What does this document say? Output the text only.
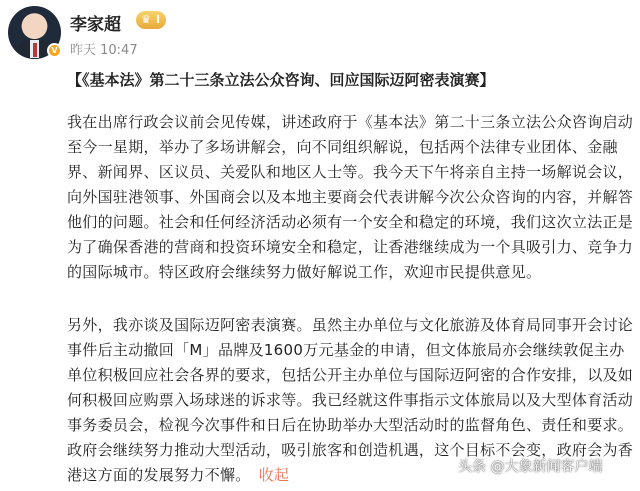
V
李家超 ♛ I
昨天 10:47
【《基本法》第二十三条立法公众咨询、回应国际迈阿密表演赛】
我在出席行政会议前会见传媒，讲述政府于《基本法》第二十三条立法公众咨询启动至今一星期，举办了多场讲解会，向不同组织解说，包括两个法律专业团体、金融界、新闻界、区议员、关爱队和地区人士等。我今天下午将亲自主持一场解说会议，向外国驻港领事、外国商会以及本地主要商会代表讲解今次公众咨询的内容，并解答他们的问题。社会和任何经济活动必须有一个安全和稳定的环境，我们这次立法正是为了确保香港的营商和投资环境安全和稳定，让香港继续成为一个具吸引力、竞争力的国际城市。特区政府会继续努力做好解说工作，欢迎市民提供意见。
另外，我亦谈及国际迈阿密表演赛。虽然主办单位与文化旅游及体育局同事开会讨论事件后主动撤回「M」品牌及1600万元基金的申请，但文体旅局亦会继续敦促主办单位积极回应社会各界的要求，包括公开主办单位与国际迈阿密的合作安排，以及如何积极回应购票入场球迷的诉求等。我已经就这件事指示文体旅局以及大型体育活动事务委员会，检视今次事件和日后在协助举办大型活动时的监督角色、责任和要求。政府会继续努力推动大型活动，吸引旅客和创造机遇，这个目标不会变，政府会为香港这方面的发展努力不懈。 收起	头条 @大象新闻客户端
